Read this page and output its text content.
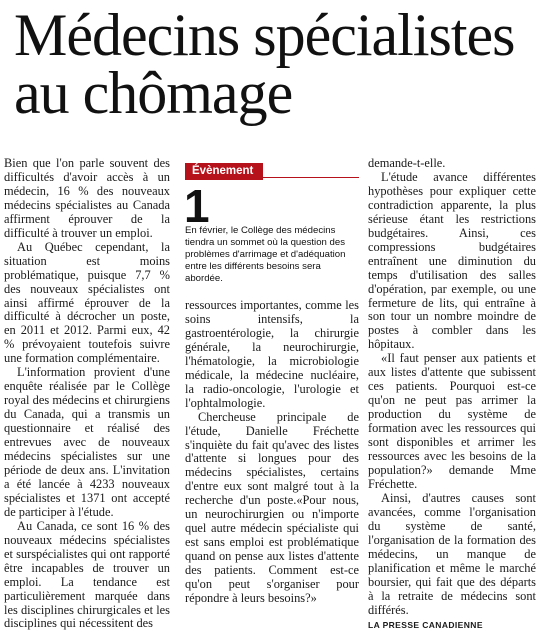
Médecins spécialistes
au chômage

Bien que l'on parle souvent des difficultés d'avoir accès à un médecin, 16 % des nouveaux médecins spécialistes au Canada affirment éprouver de la difficulté à trouver un emploi.

Au Québec cependant, la situation est moins problématique, puisque 7,7 % des nouveaux spécialistes ont ainsi affirmé éprouver de la difficulté à décrocher un poste, en 2011 et 2012. Parmi eux, 42 % prévoyaient toutefois suivre une formation complémentaire.

L'information provient d'une enquête réalisée par le Collège royal des médecins et chirurgiens du Canada, qui a transmis un questionnaire et réalisé des entrevues avec de nouveaux médecins spécialistes sur une période de deux ans. L'invitation a été lancée à 4233 nouveaux spécialistes et 1371 ont accepté de participer à l'étude.

Au Canada, ce sont 16 % des nouveaux médecins spécialistes et surspécialistes qui ont rapporté être incapables de trouver un emploi. La tendance est particulièrement marquée dans les disciplines chirurgicales et les disciplines qui nécessitent des

Évènement
1
En février, le Collège des médecins tiendra un sommet où la question des problèmes d'arrimage et d'adéquation entre les différents besoins sera abordée.

ressources importantes, comme les soins intensifs, la gastroentérologie, la chirurgie générale, la neurochirurgie, l'hématologie, la microbiologie médicale, la médecine nucléaire, la radio-oncologie, l'urologie et l'ophtalmologie.

Chercheuse principale de l'étude, Danielle Fréchette s'inquiète du fait qu'avec des listes d'attente si longues pour des médecins spécialistes, certains d'entre eux sont malgré tout à la recherche d'un poste.«Pour nous, un neurochirurgien ou n'importe quel autre médecin spécialiste qui est sans emploi est problématique quand on pense aux listes d'attente des patients. Comment est-ce qu'on peut s'organiser pour répondre à leurs besoins?»

demande-t-elle.

L'étude avance différentes hypothèses pour expliquer cette contradiction apparente, la plus sérieuse étant les restrictions budgétaires. Ainsi, ces compressions budgétaires entraînent une diminution du temps d'utilisation des salles d'opération, par exemple, ou une fermeture de lits, qui entraîne à son tour un nombre moindre de postes à combler dans les hôpitaux.

«Il faut penser aux patients et aux listes d'attente que subissent ces patients. Pourquoi est-ce qu'on ne peut pas arrimer la production du système de formation avec les ressources qui sont disponibles et arrimer les ressources avec les besoins de la population?» demande Mme Fréchette.

Ainsi, d'autres causes sont avancées, comme l'organisation du système de santé, l'organisation de la formation des médecins, un manque de planification et même le marché boursier, qui fait que des départs à la retraite de médecins sont différés.

LA PRESSE CANADIENNE
